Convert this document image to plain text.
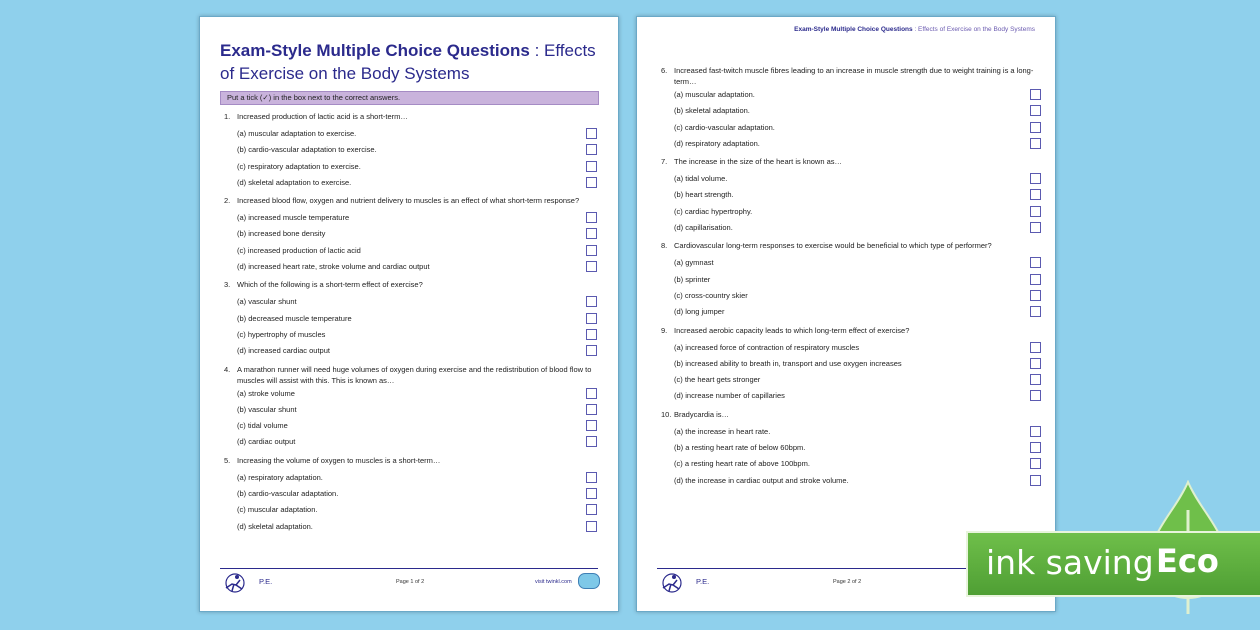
Exam-Style Multiple Choice Questions : Effects of Exercise on the Body Systems
Put a tick (✓) in the box next to the correct answers.
1. Increased production of lactic acid is a short-term…
(a) muscular adaptation to exercise.
(b) cardio-vascular adaptation to exercise.
(c) respiratory adaptation to exercise.
(d) skeletal adaptation to exercise.
2. Increased blood flow, oxygen and nutrient delivery to muscles is an effect of what short-term response?
(a) increased muscle temperature
(b) increased bone density
(c) increased production of lactic acid
(d) increased heart rate, stroke volume and cardiac output
3. Which of the following is a short-term effect of exercise?
(a) vascular shunt
(b) decreased muscle temperature
(c) hypertrophy of muscles
(d) increased cardiac output
4. A marathon runner will need huge volumes of oxygen during exercise and the redistribution of blood flow to muscles will assist with this. This is known as…
(a) stroke volume
(b) vascular shunt
(c) tidal volume
(d) cardiac output
5. Increasing the volume of oxygen to muscles is a short-term…
(a) respiratory adaptation.
(b) cardio-vascular adaptation.
(c) muscular adaptation.
(d) skeletal adaptation.
P.E.	Page 1 of 2	visit twinkl.com
Exam-Style Multiple Choice Questions : Effects of Exercise on the Body Systems
6. Increased fast-twitch muscle fibres leading to an increase in muscle strength due to weight training is a long-term…
(a) muscular adaptation.
(b) skeletal adaptation.
(c) cardio-vascular adaptation.
(d) respiratory adaptation.
7. The increase in the size of the heart is known as…
(a) tidal volume.
(b) heart strength.
(c) cardiac hypertrophy.
(d) capillarisation.
8. Cardiovascular long-term responses to exercise would be beneficial to which type of performer?
(a) gymnast
(b) sprinter
(c) cross-country skier
(d) long jumper
9. Increased aerobic capacity leads to which long-term effect of exercise?
(a) increased force of contraction of respiratory muscles
(b) increased ability to breath in, transport and use oxygen increases
(c) the heart gets stronger
(d) increase number of capillaries
10. Bradycardia is…
(a) the increase in heart rate.
(b) a resting heart rate of below 60bpm.
(c) a resting heart rate of above 100bpm.
(d) the increase in cardiac output and stroke volume.
P.E.	Page 2 of 2	ink saving Eco
